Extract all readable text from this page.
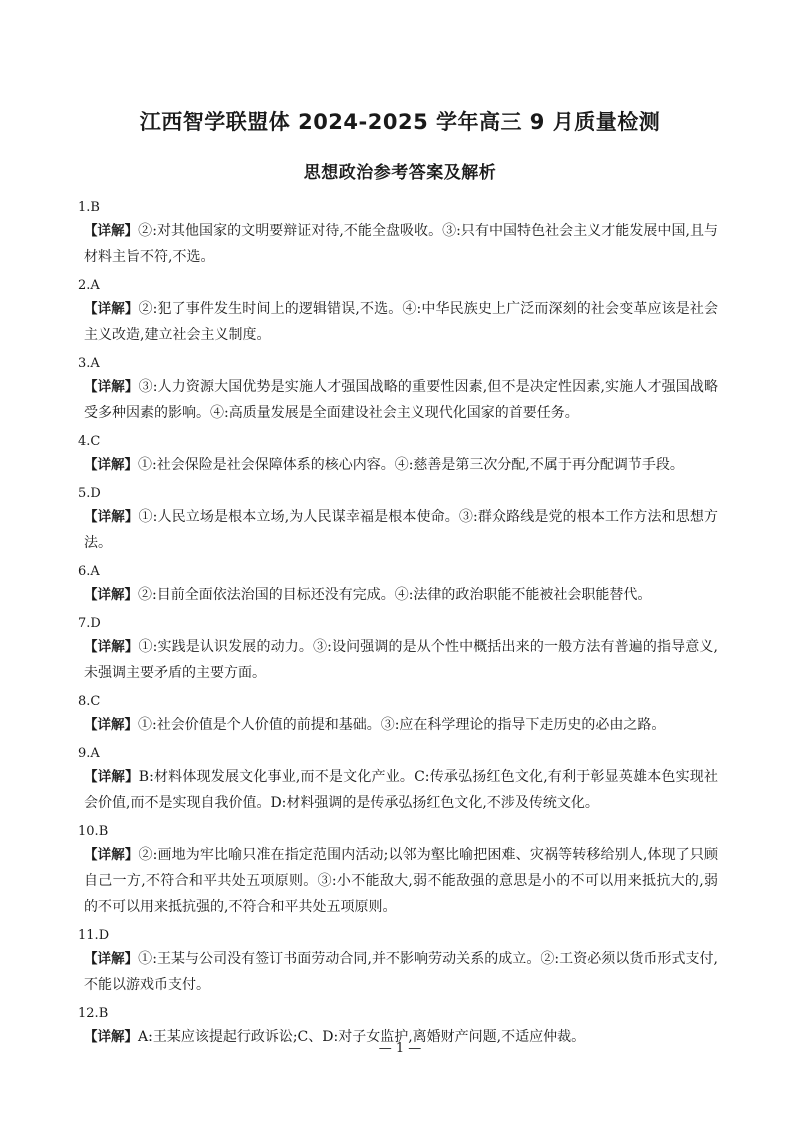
江西智学联盟体 2024-2025 学年高三 9 月质量检测
思想政治参考答案及解析
1.B
【详解】②:对其他国家的文明要辩证对待,不能全盘吸收。③:只有中国特色社会主义才能发展中国,且与材料主旨不符,不选。
2.A
【详解】②:犯了事件发生时间上的逻辑错误,不选。④:中华民族史上广泛而深刻的社会变革应该是社会主义改造,建立社会主义制度。
3.A
【详解】③:人力资源大国优势是实施人才强国战略的重要性因素,但不是决定性因素,实施人才强国战略受多种因素的影响。④:高质量发展是全面建设社会主义现代化国家的首要任务。
4.C
【详解】①:社会保险是社会保障体系的核心内容。④:慈善是第三次分配,不属于再分配调节手段。
5.D
【详解】①:人民立场是根本立场,为人民谋幸福是根本使命。③:群众路线是党的根本工作方法和思想方法。
6.A
【详解】②:目前全面依法治国的目标还没有完成。④:法律的政治职能不能被社会职能替代。
7.D
【详解】①:实践是认识发展的动力。③:设问强调的是从个性中概括出来的一般方法有普遍的指导意义,未强调主要矛盾的主要方面。
8.C
【详解】①:社会价值是个人价值的前提和基础。③:应在科学理论的指导下走历史的必由之路。
9.A
【详解】B:材料体现发展文化事业,而不是文化产业。C:传承弘扬红色文化,有利于彰显英雄本色实现社会价值,而不是实现自我价值。D:材料强调的是传承弘扬红色文化,不涉及传统文化。
10.B
【详解】②:画地为牢比喻只准在指定范围内活动;以邻为壑比喻把困难、灾祸等转移给别人,体现了只顾自己一方,不符合和平共处五项原则。③:小不能敌大,弱不能敌强的意思是小的不可以用来抵抗大的,弱的不可以用来抵抗强的,不符合和平共处五项原则。
11.D
【详解】①:王某与公司没有签订书面劳动合同,并不影响劳动关系的成立。②:工资必须以货币形式支付,不能以游戏币支付。
12.B
【详解】A:王某应该提起行政诉讼;C、D:对子女监护,离婚财产问题,不适应仲裁。
— 1 —
